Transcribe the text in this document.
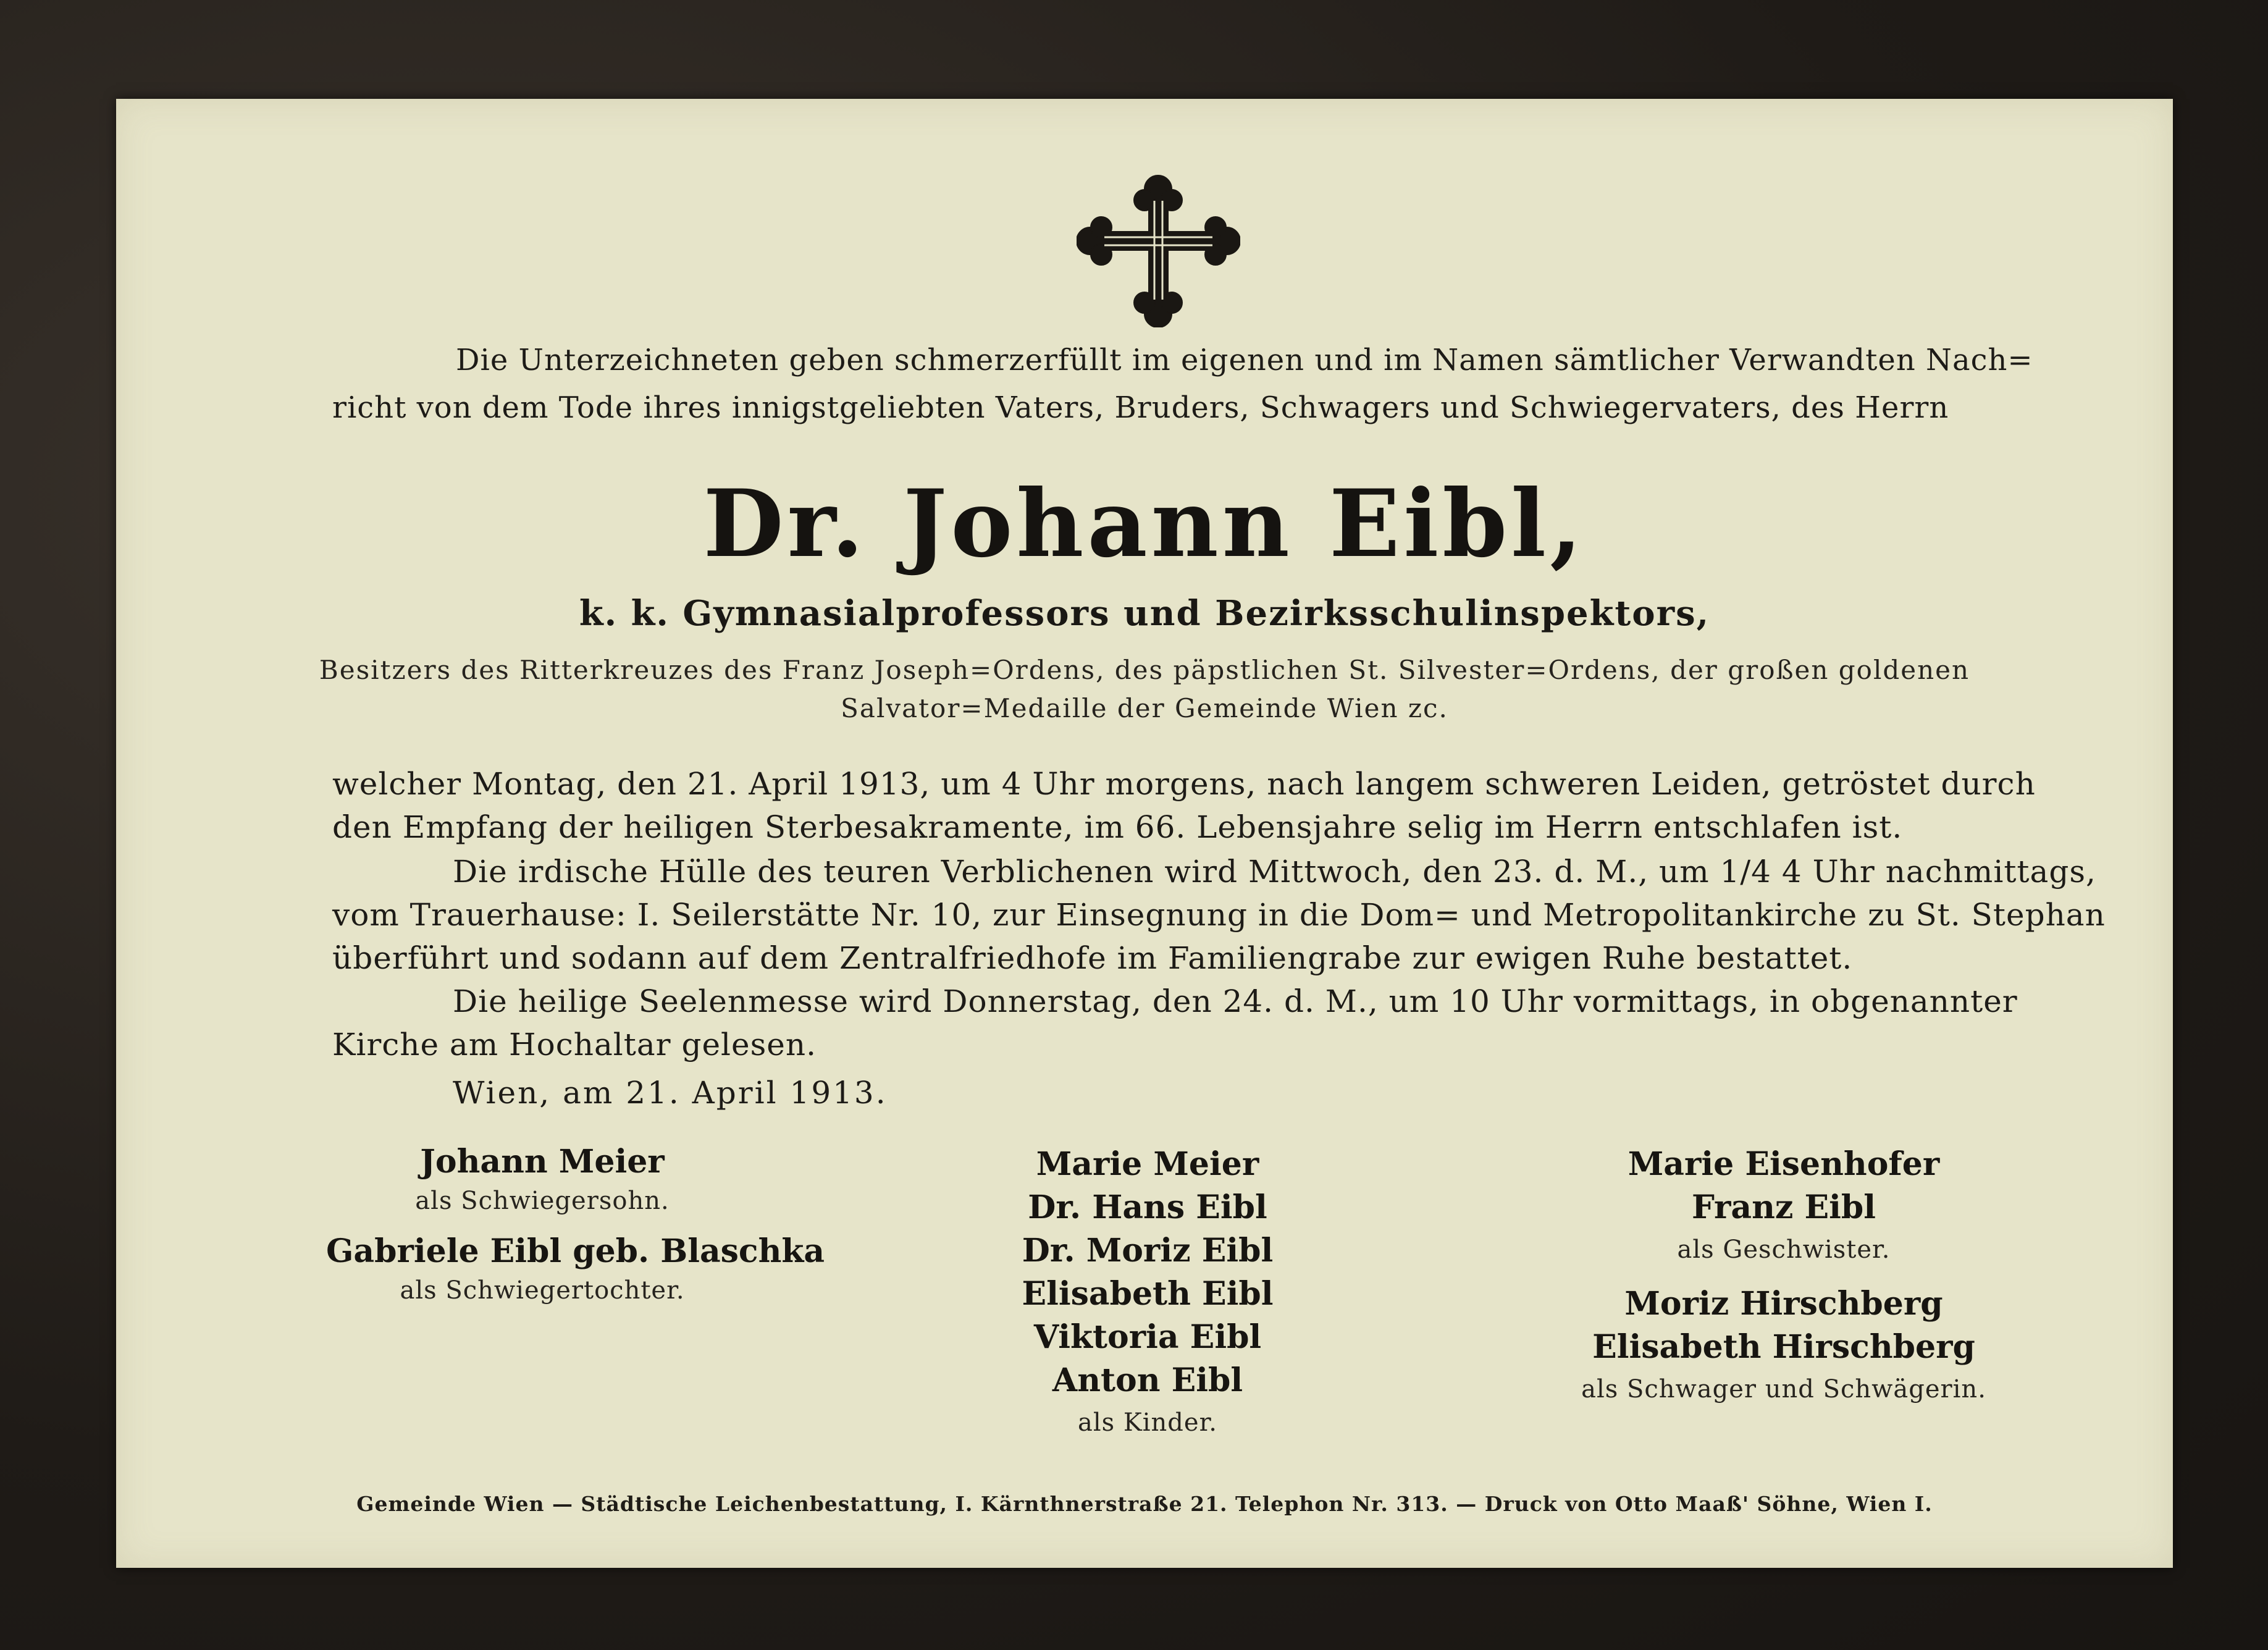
Die Unterzeichneten geben schmerzerfüllt im eigenen und im Namen sämtlicher Verwandten Nach=
richt von dem Tode ihres innigstgeliebten Vaters, Bruders, Schwagers und Schwiegervaters, des Herrn
Dr. Johann Eibl,
k. k. Gymnasialprofessors und Bezirksschulinspektors,
Besitzers des Ritterkreuzes des Franz Joseph=Ordens, des päpstlichen St. Silvester=Ordens, der großen goldenen
Salvator=Medaille der Gemeinde Wien zc.
welcher Montag, den 21. April 1913, um 4 Uhr morgens, nach langem schweren Leiden, getröstet durch
den Empfang der heiligen Sterbesakramente, im 66. Lebensjahre selig im Herrn entschlafen ist.
Die irdische Hülle des teuren Verblichenen wird Mittwoch, den 23. d. M., um 1/4 4 Uhr nachmittags,
vom Trauerhause: I. Seilerstätte Nr. 10, zur Einsegnung in die Dom= und Metropolitankirche zu St. Stephan
überführt und sodann auf dem Zentralfriedhofe im Familiengrabe zur ewigen Ruhe bestattet.
Die heilige Seelenmesse wird Donnerstag, den 24. d. M., um 10 Uhr vormittags, in obgenannter
Kirche am Hochaltar gelesen.
Wien, am 21. April 1913.
Johann Meier
als Schwiegersohn.
Gabriele Eibl geb. Blaschka
als Schwiegertochter.
Marie Meier
Dr. Hans Eibl
Dr. Moriz Eibl
Elisabeth Eibl
Viktoria Eibl
Anton Eibl
als Kinder.
Marie Eisenhofer
Franz Eibl
als Geschwister.
Moriz Hirschberg
Elisabeth Hirschberg
als Schwager und Schwägerin.
Gemeinde Wien — Städtische Leichenbestattung, I. Kärnthnerstraße 21. Telephon Nr. 313. — Druck von Otto Maaß' Söhne, Wien I.
